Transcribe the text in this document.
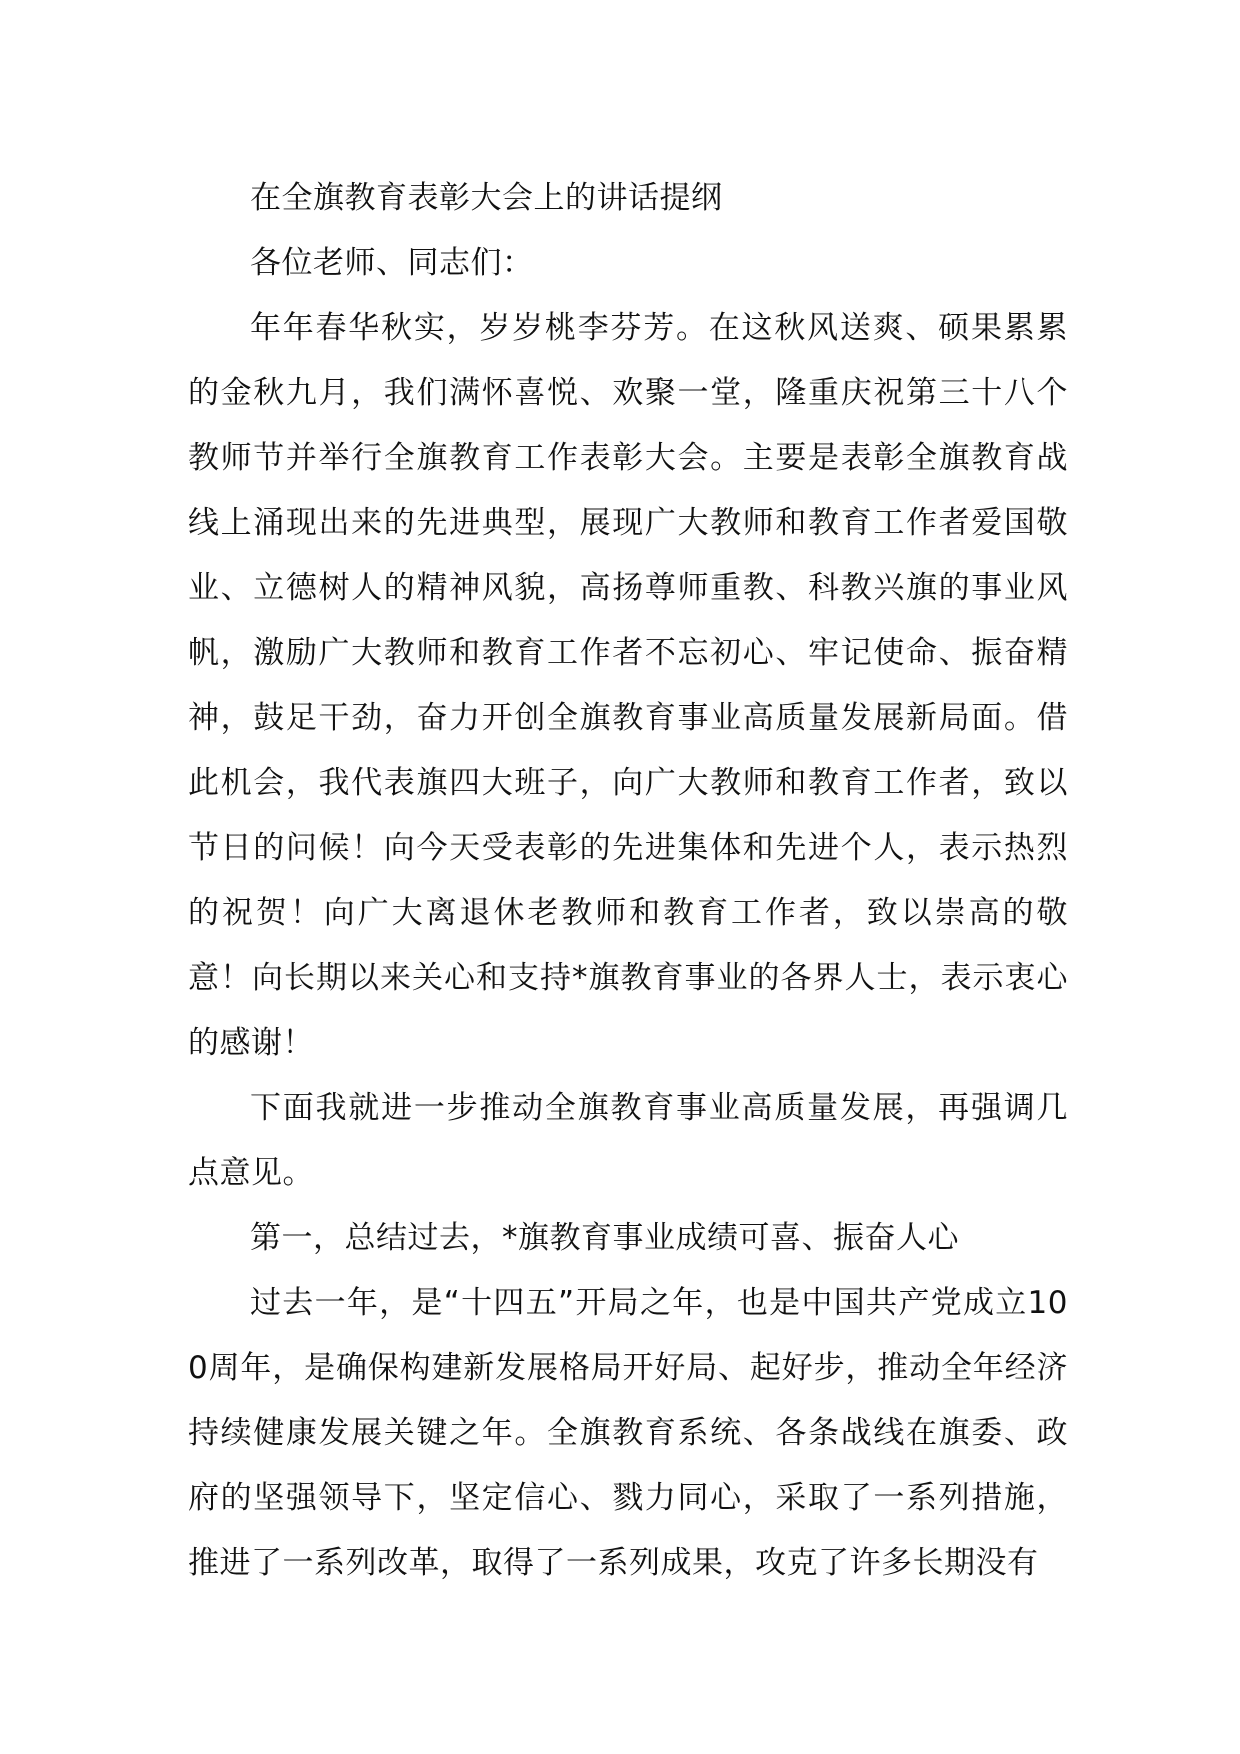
在全旗教育表彰大会上的讲话提纲

各位老师、同志们：

年年春华秋实，岁岁桃李芬芳。在这秋风送爽、硕果累累的金秋九月，我们满怀喜悦、欢聚一堂，隆重庆祝第三十八个教师节并举行全旗教育工作表彰大会。主要是表彰全旗教育战线上涌现出来的先进典型，展现广大教师和教育工作者爱国敬业、立德树人的精神风貌，高扬尊师重教、科教兴旗的事业风帆，激励广大教师和教育工作者不忘初心、牢记使命、振奋精神，鼓足干劲，奋力开创全旗教育事业高质量发展新局面。借此机会，我代表旗四大班子，向广大教师和教育工作者，致以节日的问候！向今天受表彰的先进集体和先进个人，表示热烈的祝贺！向广大离退休老教师和教育工作者，致以崇高的敬意！向长期以来关心和支持*旗教育事业的各界人士，表示衷心的感谢！

下面我就进一步推动全旗教育事业高质量发展，再强调几点意见。

第一，总结过去，*旗教育事业成绩可喜、振奋人心

过去一年，是“十四五”开局之年，也是中国共产党成立100周年，是确保构建新发展格局开好局、起好步，推动全年经济持续健康发展关键之年。全旗教育系统、各条战线在旗委、政府的坚强领导下，坚定信心、戮力同心，采取了一系列措施，推进了一系列改革，取得了一系列成果，攻克了许多长期没有
